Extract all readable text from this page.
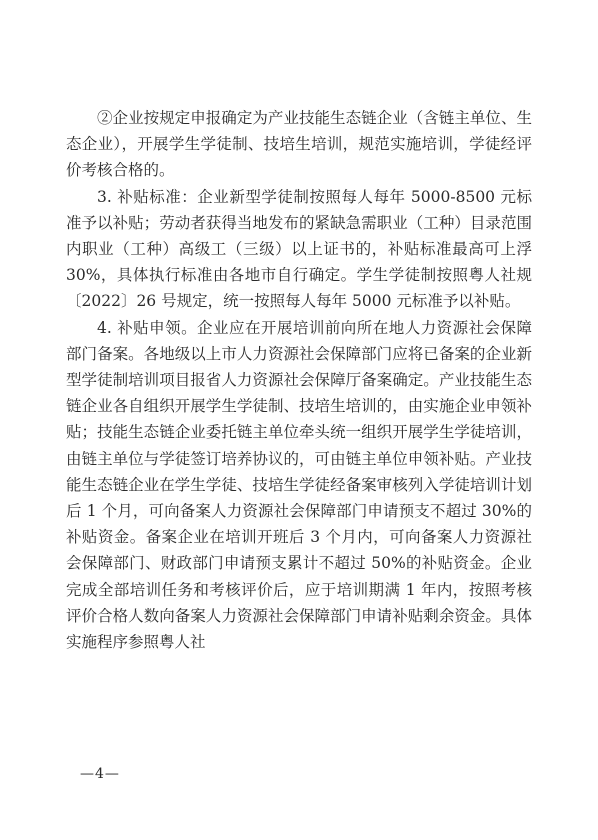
②企业按规定申报确定为产业技能生态链企业（含链主单位、生态企业），开展学生学徒制、技培生培训，规范实施培训，学徒经评价考核合格的。

3. 补贴标准：企业新型学徒制按照每人每年 5000-8500 元标准予以补贴；劳动者获得当地发布的紧缺急需职业（工种）目录范围内职业（工种）高级工（三级）以上证书的，补贴标准最高可上浮 30%，具体执行标准由各地市自行确定。学生学徒制按照粤人社规〔2022〕26 号规定，统一按照每人每年 5000 元标准予以补贴。

4. 补贴申领。企业应在开展培训前向所在地人力资源社会保障部门备案。各地级以上市人力资源社会保障部门应将已备案的企业新型学徒制培训项目报省人力资源社会保障厅备案确定。产业技能生态链企业各自组织开展学生学徒制、技培生培训的，由实施企业申领补贴；技能生态链企业委托链主单位牵头统一组织开展学生学徒培训，由链主单位与学徒签订培养协议的，可由链主单位申领补贴。产业技能生态链企业在学生学徒、技培生学徒经备案审核列入学徒培训计划后 1 个月，可向备案人力资源社会保障部门申请预支不超过 30%的补贴资金。备案企业在培训开班后 3 个月内，可向备案人力资源社会保障部门、财政部门申请预支累计不超过 50%的补贴资金。企业完成全部培训任务和考核评价后，应于培训期满 1 年内，按照考核评价合格人数向备案人力资源社会保障部门申请补贴剩余资金。具体实施程序参照粤人社

—4—
